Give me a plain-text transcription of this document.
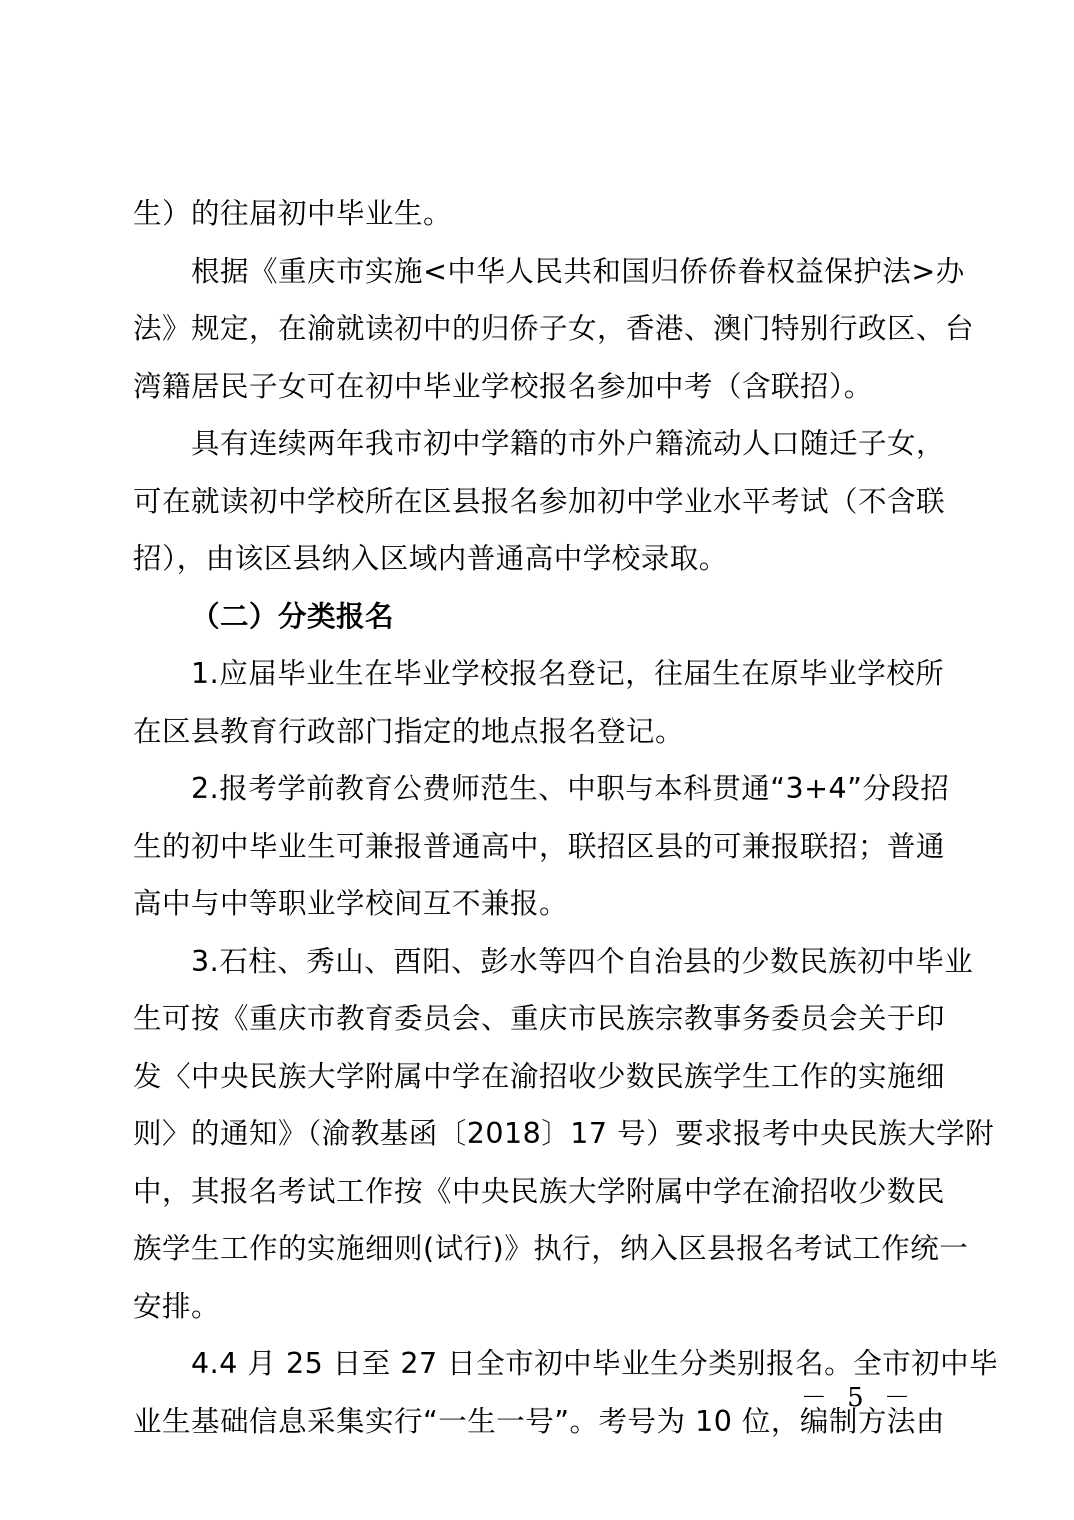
生）的往届初中毕业生。
根据《重庆市实施<中华人民共和国归侨侨眷权益保护法>办
法》规定，在渝就读初中的归侨子女，香港、澳门特别行政区、台
湾籍居民子女可在初中毕业学校报名参加中考（含联招）。
具有连续两年我市初中学籍的市外户籍流动人口随迁子女，
可在就读初中学校所在区县报名参加初中学业水平考试（不含联
招），由该区县纳入区域内普通高中学校录取。
（二）分类报名
1.应届毕业生在毕业学校报名登记，往届生在原毕业学校所
在区县教育行政部门指定的地点报名登记。
2.报考学前教育公费师范生、中职与本科贯通“3+4”分段招
生的初中毕业生可兼报普通高中，联招区县的可兼报联招；普通
高中与中等职业学校间互不兼报。
3.石柱、秀山、酉阳、彭水等四个自治县的少数民族初中毕业
生可按《重庆市教育委员会、重庆市民族宗教事务委员会关于印
发〈中央民族大学附属中学在渝招收少数民族学生工作的实施细
则〉的通知》（渝教基函〔2018〕17 号）要求报考中央民族大学附
中，其报名考试工作按《中央民族大学附属中学在渝招收少数民
族学生工作的实施细则(试行)》执行，纳入区县报名考试工作统一
安排。
4.4 月 25 日至 27 日全市初中毕业生分类别报名。全市初中毕
业生基础信息采集实行“一生一号”。考号为 10 位，编制方法由
－ 5 －
